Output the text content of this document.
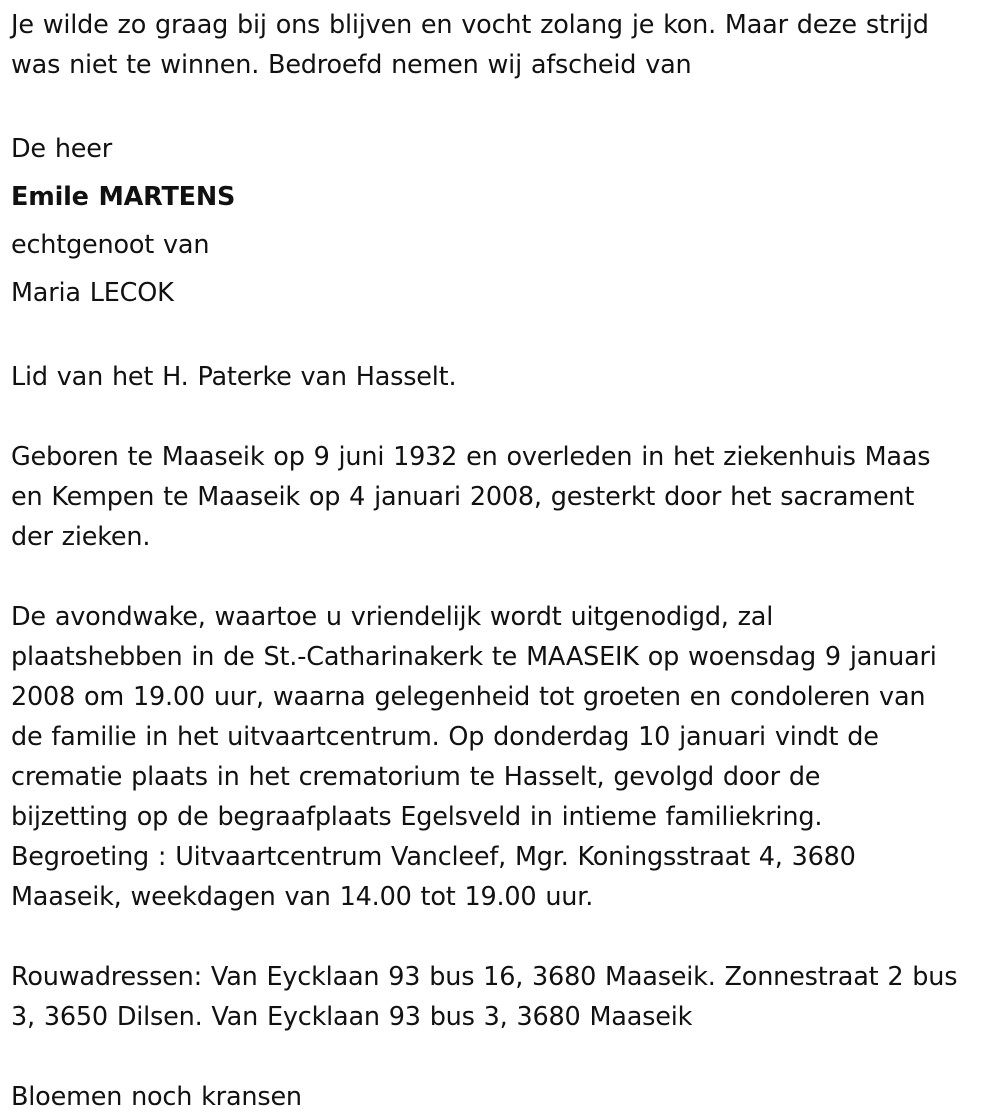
Je wilde zo graag bij ons blijven en vocht zolang je kon. Maar deze strijd
was niet te winnen. Bedroefd nemen wij afscheid van
De heer
Emile MARTENS
echtgenoot van
Maria LECOK
Lid van het H. Paterke van Hasselt.
Geboren te Maaseik op 9 juni 1932 en overleden in het ziekenhuis Maas
en Kempen te Maaseik op 4 januari 2008, gesterkt door het sacrament
der zieken.
De avondwake, waartoe u vriendelijk wordt uitgenodigd, zal
plaatshebben in de St.-Catharinakerk te MAASEIK op woensdag 9 januari
2008 om 19.00 uur, waarna gelegenheid tot groeten en condoleren van
de familie in het uitvaartcentrum. Op donderdag 10 januari vindt de
crematie plaats in het crematorium te Hasselt, gevolgd door de
bijzetting op de begraafplaats Egelsveld in intieme familiekring.
Begroeting : Uitvaartcentrum Vancleef, Mgr. Koningsstraat 4, 3680
Maaseik, weekdagen van 14.00 tot 19.00 uur.
Rouwadressen: Van Eycklaan 93 bus 16, 3680 Maaseik. Zonnestraat 2 bus
3, 3650 Dilsen. Van Eycklaan 93 bus 3, 3680 Maaseik
Bloemen noch kransen
